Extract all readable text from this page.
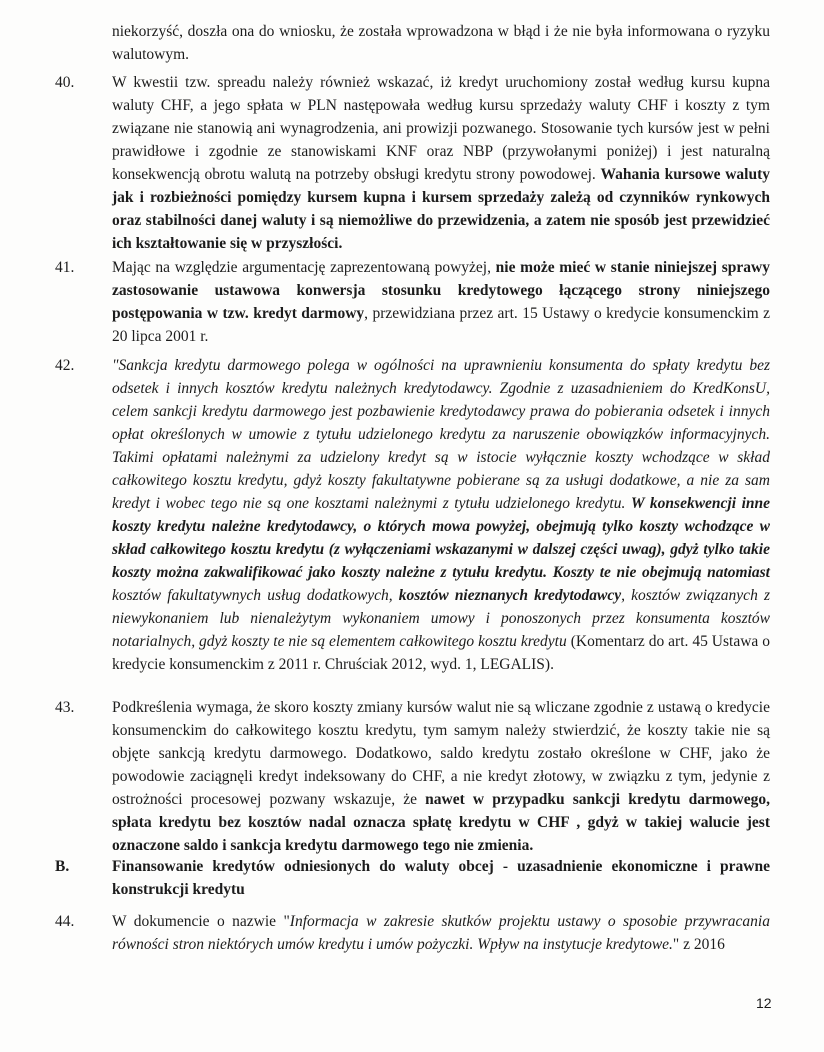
niekorzyść, doszła ona do wniosku, że została wprowadzona w błąd i że nie była informowana o ryzyku walutowym.
40.	W kwestii tzw. spreadu należy również wskazać, iż kredyt uruchomiony został według kursu kupna waluty CHF, a jego spłata w PLN następowała według kursu sprzedaży waluty CHF i koszty z tym związane nie stanowią ani wynagrodzenia, ani prowizji pozwanego. Stosowanie tych kursów jest w pełni prawidłowe i zgodnie ze stanowiskami KNF oraz NBP (przywołanymi poniżej) i jest naturalną konsekwencją obrotu walutą na potrzeby obsługi kredytu strony powodowej. Wahania kursowe waluty jak i rozbieżności pomiędzy kursem kupna i kursem sprzedaży zależą od czynników rynkowych oraz stabilności danej waluty i są niemożliwe do przewidzenia, a zatem nie sposób jest przewidzieć ich kształtowanie się w przyszłości.
41.	Mając na względzie argumentację zaprezentowaną powyżej, nie może mieć w stanie niniejszej sprawy zastosowanie ustawowa konwersja stosunku kredytowego łączącego strony niniejszego postępowania w tzw. kredyt darmowy, przewidziana przez art. 15 Ustawy o kredycie konsumenckim z 20 lipca 2001 r.
42.	"Sankcja kredytu darmowego polega w ogólności na uprawnieniu konsumenta do spłaty kredytu bez odsetek i innych kosztów kredytu należnych kredytodawcy. Zgodnie z uzasadnieniem do KredKonsU, celem sankcji kredytu darmowego jest pozbawienie kredytodawcy prawa do pobierania odsetek i innych opłat określonych w umowie z tytułu udzielonego kredytu za naruszenie obowiązków informacyjnych. Takimi opłatami należnymi za udzielony kredyt są w istocie wyłącznie koszty wchodzące w skład całkowitego kosztu kredytu, gdyż koszty fakultatywne pobierane są za usługi dodatkowe, a nie za sam kredyt i wobec tego nie są one kosztami należnymi z tytułu udzielonego kredytu. W konsekwencji inne koszty kredytu należne kredytodawcy, o których mowa powyżej, obejmują tylko koszty wchodzące w skład całkowitego kosztu kredytu (z wyłączeniami wskazanymi w dalszej części uwag), gdyż tylko takie koszty można zakwalifikować jako koszty należne z tytułu kredytu. Koszty te nie obejmują natomiast kosztów fakultatywnych usług dodatkowych, kosztów nieznanych kredytodawcy, kosztów związanych z niewykonaniem lub nienależytym wykonaniem umowy i ponoszonych przez konsumenta kosztów notarialnych, gdyż koszty te nie są elementem całkowitego kosztu kredytu (Komentarz do art. 45 Ustawa o kredycie konsumenckim z 2011 r. Chruściak 2012, wyd. 1, LEGALIS).
43.	Podkreślenia wymaga, że skoro koszty zmiany kursów walut nie są wliczane zgodnie z ustawą o kredycie konsumenckim do całkowitego kosztu kredytu, tym samym należy stwierdzić, że koszty takie nie są objęte sankcją kredytu darmowego. Dodatkowo, saldo kredytu zostało określone w CHF, jako że powodowie zaciągnęli kredyt indeksowany do CHF, a nie kredyt złotowy, w związku z tym, jedynie z ostrożności procesowej pozwany wskazuje, że nawet w przypadku sankcji kredytu darmowego, spłata kredytu bez kosztów nadal oznacza spłatę kredytu w CHF , gdyż w takiej walucie jest oznaczone saldo i sankcja kredytu darmowego tego nie zmienia.
B.	Finansowanie kredytów odniesionych do waluty obcej - uzasadnienie ekonomiczne i prawne konstrukcji kredytu
44.	W dokumencie o nazwie "Informacja w zakresie skutków projektu ustawy o sposobie przywracania równości stron niektórych umów kredytu i umów pożyczki. Wpływ na instytucje kredytowe." z 2016
12
